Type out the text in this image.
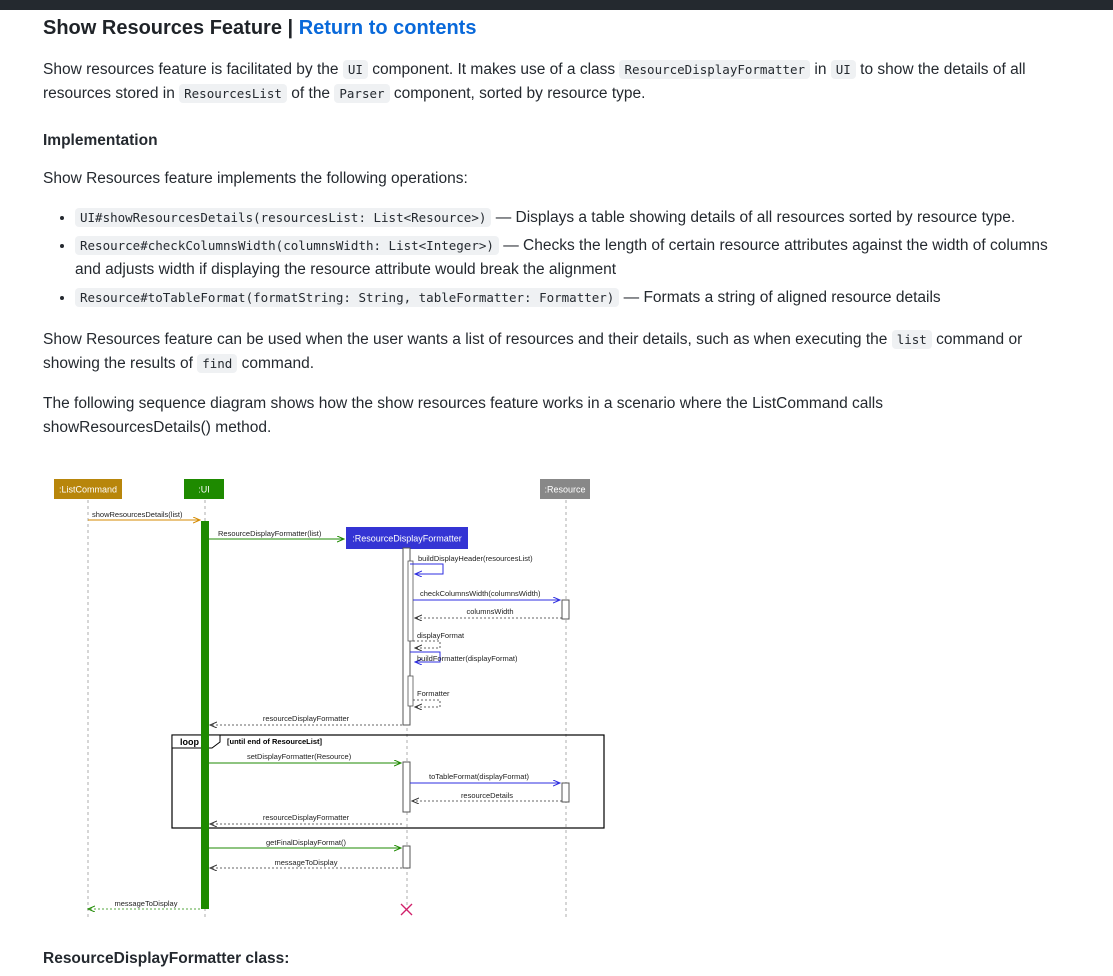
Show Resources Feature | Return to contents

Show resources feature is facilitated by the UI component. It makes use of a class ResourceDisplayFormatter in UI to show the details of all resources stored in ResourcesList of the Parser component, sorted by resource type.

Implementation

Show Resources feature implements the following operations:

• UI#showResourcesDetails(resourcesList: List<Resource>) — Displays a table showing details of all resources sorted by resource type.
• Resource#checkColumnsWidth(columnsWidth: List<Integer>) — Checks the length of certain resource attributes against the width of columns and adjusts width if displaying the resource attribute would break the alignment
• Resource#toTableFormat(formatString: String, tableFormatter: Formatter) — Formats a string of aligned resource details

Show Resources feature can be used when the user wants a list of resources and their details, such as when executing the list command or showing the results of find command.

The following sequence diagram shows how the show resources feature works in a scenario where the ListCommand calls showResourcesDetails() method.

:ListCommand	:UI	:Resource
:ResourceDisplayFormatter
loop	[until end of ResourceList]
showResourcesDetails(list)
ResourceDisplayFormatter(list)
buildDisplayHeader(resourcesList)
checkColumnsWidth(columnsWidth)
columnsWidth
displayFormat
buildFormatter(displayFormat)
Formatter
resourceDisplayFormatter
setDisplayFormatter(Resource)
toTableFormat(displayFormat)
resourceDetails
resourceDisplayFormatter
getFinalDisplayFormat()
messageToDisplay
messageToDisplay
ResourceDisplayFormatter class:
